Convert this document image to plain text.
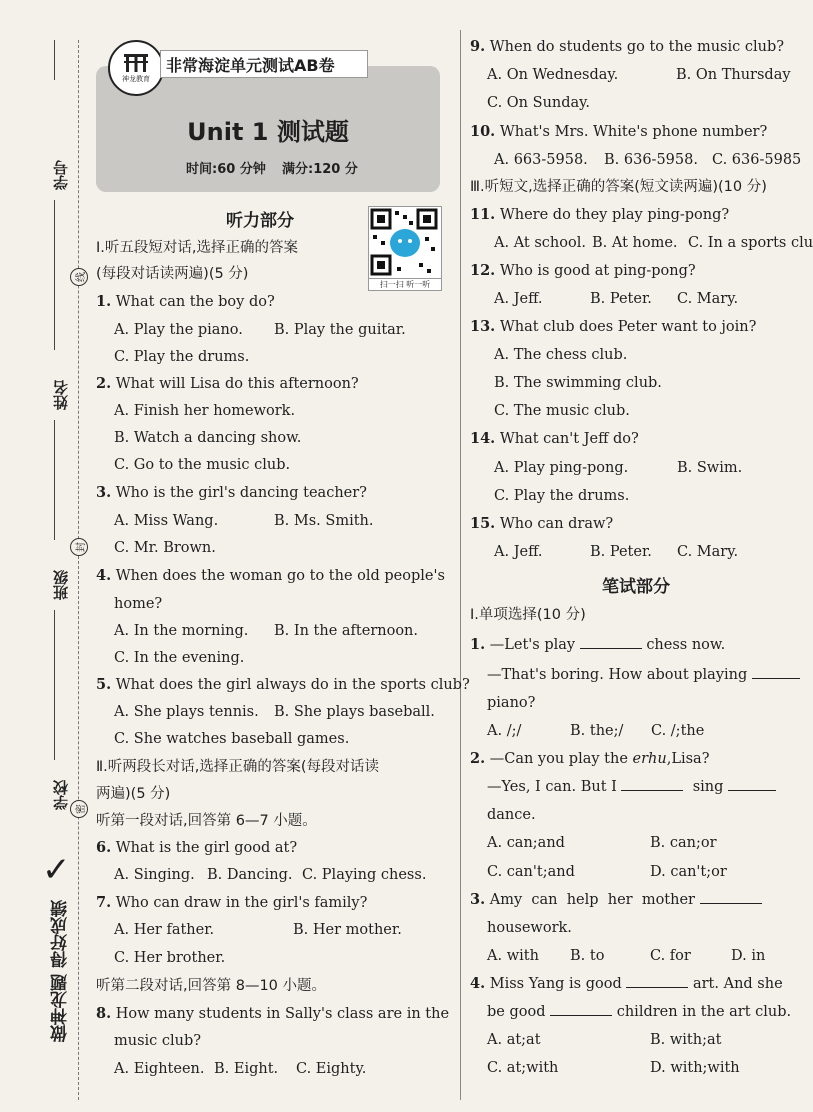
学号
姓名
班级
学校
做神龙题 得好成绩
✓
线
封
密
神龙教育
非常海淀单元测试AB卷
Unit 1 测试题
时间:60 分钟 满分:120 分
扫一扫 听一听
听力部分
Ⅰ.听五段短对话,选择正确的答案
(每段对话读两遍)(5 分)
1. What can the boy do?
A. Play the piano. B. Play the guitar.
C. Play the drums.
2. What will Lisa do this afternoon?
A. Finish her homework.
B. Watch a dancing show.
C. Go to the music club.
3. Who is the girl's dancing teacher?
A. Miss Wang.	B. Ms. Smith.
C. Mr. Brown.
4. When does the woman go to the old people's
home?
A. In the morning. B. In the afternoon.
C. In the evening.
5. What does the girl always do in the sports club?
A. She plays tennis. B. She plays baseball.
C. She watches baseball games.
Ⅱ.听两段长对话,选择正确的答案(每段对话读
两遍)(5 分)
听第一段对话,回答第 6—7 小题。
6. What is the girl good at?
A. Singing. B. Dancing. C. Playing chess.
7. Who can draw in the girl's family?
A. Her father.	B. Her mother.
C. Her brother.
听第二段对话,回答第 8—10 小题。
8. How many students in Sally's class are in the
music club?
A. Eighteen. B. Eight. C. Eighty.
9. When do students go to the music club?
A. On Wednesday.	B. On Thursday
C. On Sunday.
10. What's Mrs. White's phone number?
A. 663-5958. B. 636-5958. C. 636-5985
Ⅲ.听短文,选择正确的答案(短文读两遍)(10 分)
11. Where do they play ping-pong?
A. At school. B. At home. C. In a sports clu
12. Who is good at ping-pong?
A. Jeff.	B. Peter. C. Mary.
13. What club does Peter want to join?
A. The chess club.
B. The swimming club.
C. The music club.
14. What can't Jeff do?
A. Play ping-pong.	B. Swim.
C. Play the drums.
15. Who can draw?
A. Jeff.	B. Peter. C. Mary.
笔试部分
Ⅰ.单项选择(10 分)
1. —Let's play	chess now.
—That's boring. How about playing
piano?
A. /;/	B. the;/ C. /;the
2. —Can you play the erhu,Lisa?
—Yes, I can. But I	sing
dance.
A. can;and	B. can;or
C. can't;and	D. can't;or
3. Amy  can  help  her  mother
housework.
A. with B. to	C. for	D. in
4. Miss Yang is good	art. And she
be good	children in the art club.
A. at;at	B. with;at
C. at;with	D. with;with
